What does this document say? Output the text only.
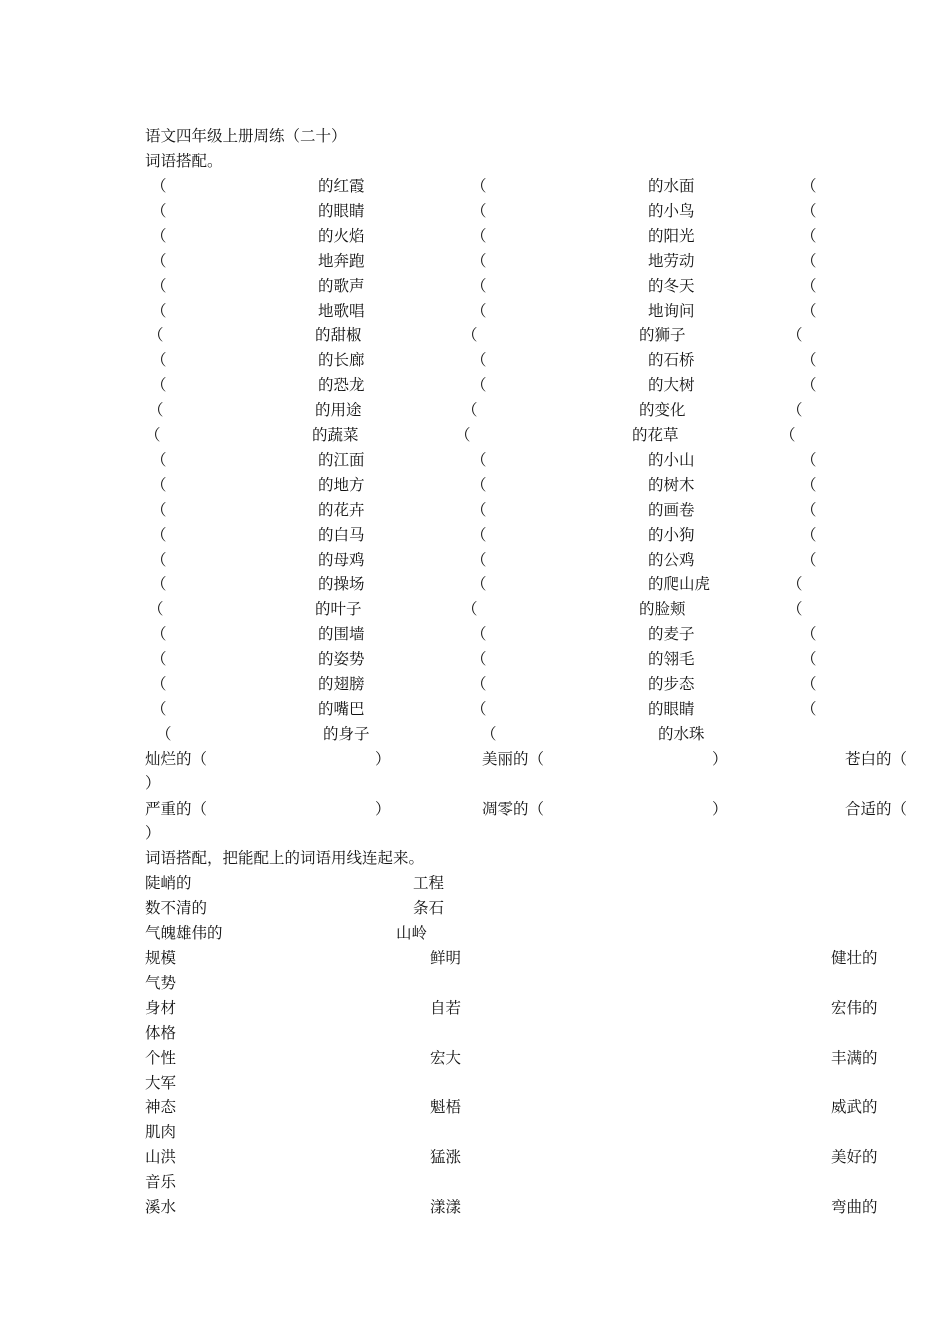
语文四年级上册周练（二十）
词语搭配。
（	的红霞	（	的水面	（
（	的眼睛	（	的小鸟	（
（	的火焰	（	的阳光	（
（	地奔跑	（	地劳动	（
（	的歌声	（	的冬天	（
（	地歌唱	（	地询问	（
（	的甜椒	（	的狮子	（
（	的长廊	（	的石桥	（
（	的恐龙	（	的大树	（
（	的用途	（	的变化	（
（	的蔬菜	（	的花草	（
（	的江面	（	的小山	（
（	的地方	（	的树木	（
（	的花卉	（	的画卷	（
（	的白马	（	的小狗	（
（	的母鸡	（	的公鸡	（
（	的操场	（	的爬山虎	（
（	的叶子	（	的脸颊	（
（	的围墙	（	的麦子	（
（	的姿势	（	的翎毛	（
（	的翅膀	（	的步态	（
（	的嘴巴	（	的眼睛	（
（	的身子	（	的水珠
灿烂的（	）	美丽的（	）	苍白的（
）
严重的（	）	凋零的（	）	合适的（
）
词语搭配，把能配上的词语用线连起来。
陡峭的	工程
数不清的	条石
气魄雄伟的	山岭
规模	鲜明	健壮的
气势
身材	自若	宏伟的
体格
个性	宏大	丰满的
大军
神态	魁梧	威武的
肌肉
山洪	猛涨	美好的
音乐
溪水	漾漾	弯曲的
